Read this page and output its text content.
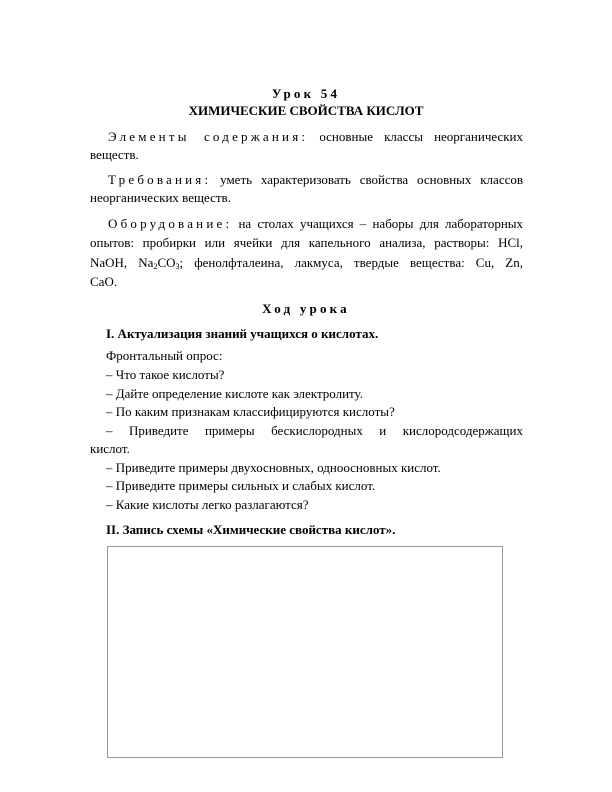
Урок 54
ХИМИЧЕСКИЕ СВОЙСТВА КИСЛОТ
Элементы содержания: основные классы неорганических
веществ.
Требования: уметь характеризовать свойства основных классов
неорганических веществ.
Оборудование: на столах учащихся – наборы для лабораторных
опытов: пробирки или ячейки для капельного анализа, растворы: HCl,
NaOH, $Na_2CO_3$; фенолфталеина, лакмуса, твердые вещества: Cu, Zn,
CaO.
Ход урока
I. Актуализация знаний учащихся о кислотах.
Фронтальный опрос:
– Что такое кислоты?
– Дайте определение кислоте как электролиту.
– По каким признакам классифицируются кислоты?
– Приведите примеры бескислородных и кислородсодержащих
кислот.
– Приведите примеры двухосновных, одноосновных кислот.
– Приведите примеры сильных и слабых кислот.
– Какие кислоты легко разлагаются?
II. Запись схемы «Химические свойства кислот».
